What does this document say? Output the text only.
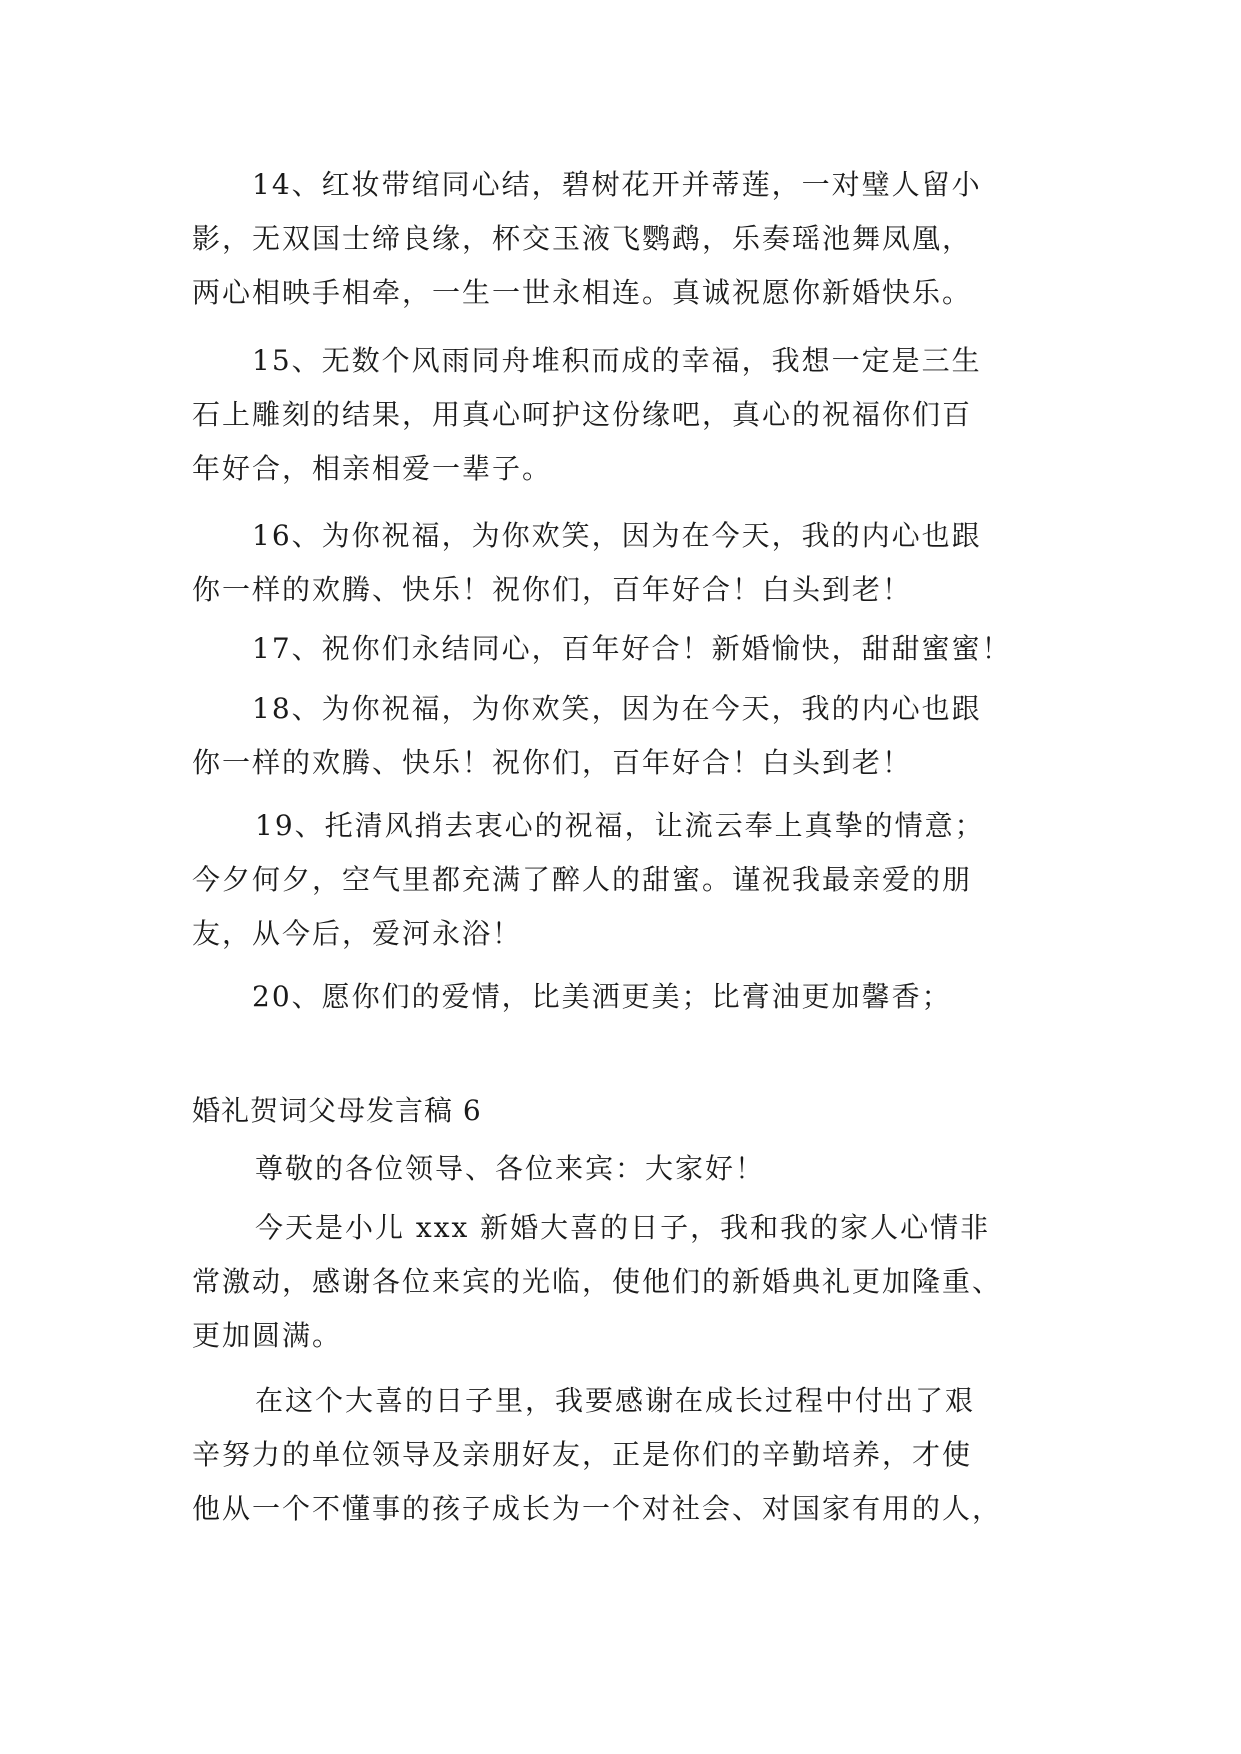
14、红妆带绾同心结，碧树花开并蒂莲，一对璧人留小
影，无双国士缔良缘，杯交玉液飞鹦鹉，乐奏瑶池舞凤凰，
两心相映手相牵，一生一世永相连。真诚祝愿你新婚快乐。
15、无数个风雨同舟堆积而成的幸福，我想一定是三生
石上雕刻的结果，用真心呵护这份缘吧，真心的祝福你们百
年好合，相亲相爱一辈子。
16、为你祝福，为你欢笑，因为在今天，我的内心也跟
你一样的欢腾、快乐！祝你们，百年好合！白头到老！
17、祝你们永结同心，百年好合！新婚愉快，甜甜蜜蜜！
18、为你祝福，为你欢笑，因为在今天，我的内心也跟
你一样的欢腾、快乐！祝你们，百年好合！白头到老！
19、托清风捎去衷心的祝福，让流云奉上真挚的情意；
今夕何夕，空气里都充满了醉人的甜蜜。谨祝我最亲爱的朋
友，从今后，爱河永浴！
20、愿你们的爱情，比美洒更美；比膏油更加馨香；
婚礼贺词父母发言稿 6
尊敬的各位领导、各位来宾：大家好！
今天是小儿 xxx 新婚大喜的日子，我和我的家人心情非
常激动，感谢各位来宾的光临，使他们的新婚典礼更加隆重、
更加圆满。
在这个大喜的日子里，我要感谢在成长过程中付出了艰
辛努力的单位领导及亲朋好友，正是你们的辛勤培养，才使
他从一个不懂事的孩子成长为一个对社会、对国家有用的人，
